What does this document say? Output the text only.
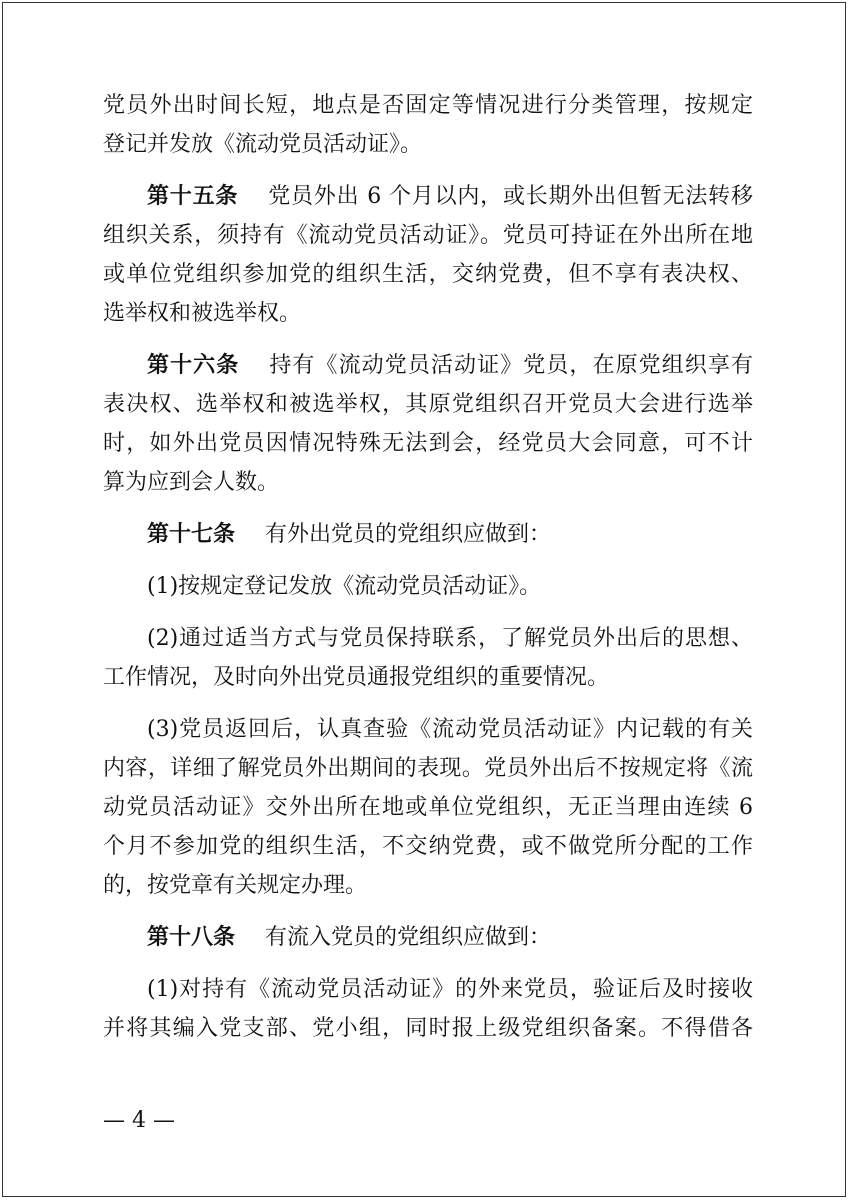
党员外出时间长短，地点是否固定等情况进行分类管理，按规定
登记并发放《流动党员活动证》。
第十五条 党员外出 6 个月以内，或长期外出但暂无法转移
组织关系，须持有《流动党员活动证》。党员可持证在外出所在地
或单位党组织参加党的组织生活，交纳党费，但不享有表决权、
选举权和被选举权。
第十六条 持有《流动党员活动证》党员，在原党组织享有
表决权、选举权和被选举权，其原党组织召开党员大会进行选举
时，如外出党员因情况特殊无法到会，经党员大会同意，可不计
算为应到会人数。
第十七条 有外出党员的党组织应做到：
(1)按规定登记发放《流动党员活动证》。
(2)通过适当方式与党员保持联系，了解党员外出后的思想、
工作情况，及时向外出党员通报党组织的重要情况。
(3)党员返回后，认真查验《流动党员活动证》内记载的有关
内容，详细了解党员外出期间的表现。党员外出后不按规定将《流
动党员活动证》交外出所在地或单位党组织，无正当理由连续 6
个月不参加党的组织生活，不交纳党费，或不做党所分配的工作
的，按党章有关规定办理。
第十八条 有流入党员的党组织应做到：
(1)对持有《流动党员活动证》的外来党员，验证后及时接收
并将其编入党支部、党小组，同时报上级党组织备案。不得借各
— 4 —
